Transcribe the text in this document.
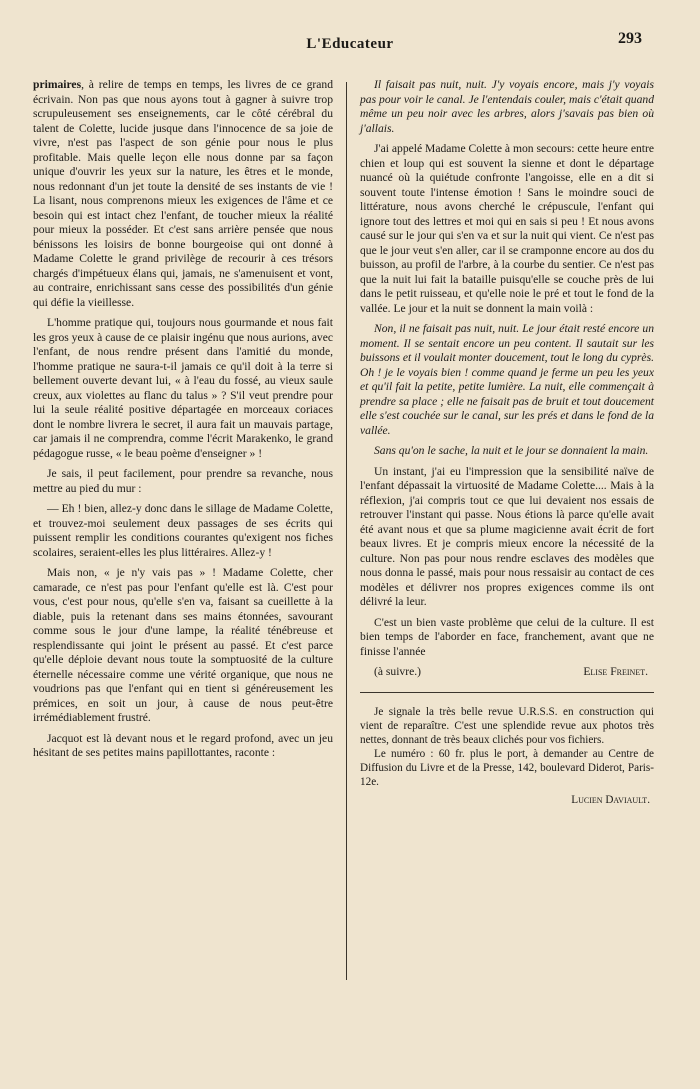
L'Educateur	293

primaires, à relire de temps en temps, les livres de ce grand écrivain. Non pas que nous ayons tout à gagner à suivre trop scrupuleusement ses enseignements, car le côté cérébral du talent de Colette, lucide jusque dans l'innocence de sa joie de vivre, n'est pas l'aspect de son génie pour nous le plus profitable. Mais quelle leçon elle nous donne par sa façon unique d'ouvrir les yeux sur la nature, les êtres et le monde, nous redonnant d'un jet toute la densité de ses instants de vie ! La lisant, nous comprenons mieux les exigences de l'âme et ce besoin qui est intact chez l'enfant, de toucher mieux la réalité pour mieux la posséder. Et c'est sans arrière pensée que nous bénissons les loisirs de bonne bourgeoise qui ont donné à Madame Colette le grand privilège de recourir à ces trésors chargés d'impétueux élans qui, jamais, ne s'amenuisent et vont, au contraire, enrichissant sans cesse des possibilités d'un génie qui défie la vieillesse.

L'homme pratique qui, toujours nous gourmande et nous fait les gros yeux à cause de ce plaisir ingénu que nous aurions, avec l'enfant, de nous rendre présent dans l'amitié du monde, l'homme pratique ne saura-t-il jamais ce qu'il doit à la terre si bellement ouverte devant lui, « à l'eau du fossé, au vieux saule creux, aux violettes au flanc du talus » ? S'il veut prendre pour lui la seule réalité positive départagée en morceaux coriaces dont le nombre livrera le secret, il aura fait un mauvais partage, car jamais il ne comprendra, comme l'écrit Marakenko, le grand pédagogue russe, « le beau poème d'enseigner » !

Je sais, il peut facilement, pour prendre sa revanche, nous mettre au pied du mur :

— Eh ! bien, allez-y donc dans le sillage de Madame Colette, et trouvez-moi seulement deux passages de ses écrits qui puissent remplir les conditions courantes qu'exigent nos fiches scolaires, seraient-elles les plus littéraires. Allez-y !

Mais non, « je n'y vais pas » ! Madame Colette, cher camarade, ce n'est pas pour l'enfant qu'elle est là. C'est pour vous, c'est pour nous, qu'elle s'en va, faisant sa cueillette à la diable, puis la retenant dans ses mains étonnées, savourant comme sous le jour d'une lampe, la réalité ténébreuse et resplendissante qui joint le présent au passé. Et c'est parce qu'elle déploie devant nous toute la somptuosité de la culture éternelle nécessaire comme une vérité organique, que nous ne voudrions pas que l'enfant qui en tient si généreusement les prémices, en soit un jour, à cause de nous peut-être irrémédiablement frustré.

Jacquot est là devant nous et le regard profond, avec un jeu hésitant de ses petites mains papillottantes, raconte :

Il faisait pas nuit, nuit. J'y voyais encore, mais j'y voyais pas pour voir le canal. Je l'entendais couler, mais c'était quand même un peu noir avec les arbres, alors j'savais pas bien où j'allais.

J'ai appelé Madame Colette à mon secours: cette heure entre chien et loup qui est souvent la sienne et dont le départage nuancé où la quiétude confronte l'angoisse, elle en a dit si souvent toute l'intense émotion ! Sans le moindre souci de littérature, nous avons cherché le crépuscule, l'enfant qui ignore tout des lettres et moi qui en sais si peu ! Et nous avons causé sur le jour qui s'en va et sur la nuit qui vient. Ce n'est pas que le jour veut s'en aller, car il se cramponne encore au dos du buisson, au profil de l'arbre, à la courbe du sentier. Ce n'est pas que la nuit lui fait la bataille puisqu'elle se couche près de lui dans le petit ruisseau, et qu'elle noie le pré et tout le fond de la vallée. Le jour et la nuit se donnent la main voilà :

Non, il ne faisait pas nuit, nuit. Le jour était resté encore un moment. Il se sentait encore un peu content. Il sautait sur les buissons et il voulait monter doucement, tout le long du cyprès. Oh ! je le voyais bien ! comme quand je ferme un peu les yeux et qu'il fait la petite, petite lumière. La nuit, elle commençait à prendre sa place ; elle ne faisait pas de bruit et tout doucement elle s'est couchée sur le canal, sur les prés et dans le fond de la vallée.

Sans qu'on le sache, la nuit et le jour se donnaient la main.

Un instant, j'ai eu l'impression que la sensibilité naïve de l'enfant dépassait la virtuosité de Madame Colette.... Mais à la réflexion, j'ai compris tout ce que lui devaient nos essais de retrouver l'instant qui passe. Nous étions là parce qu'elle avait été avant nous et que sa plume magicienne avait écrit de fort beaux livres. Et je compris mieux encore la nécessité de la culture. Non pas pour nous rendre esclaves des modèles que nous donna le passé, mais pour nous ressaisir au contact de ces modèles et délivrer nos propres exigences comme ils ont délivré la leur.

C'est un bien vaste problème que celui de la culture. Il est bien temps de l'aborder en face, franchement, avant que ne finisse l'année

(à suivre.)	Elise Freinet.

Je signale la très belle revue U.R.S.S. en construction qui vient de reparaître. C'est une splendide revue aux photos très nettes, donnant de très beaux clichés pour vos fichiers.

Le numéro : 60 fr. plus le port, à demander au Centre de Diffusion du Livre et de la Presse, 142, boulevard Diderot, Paris-12e.

Lucien Daviault.
